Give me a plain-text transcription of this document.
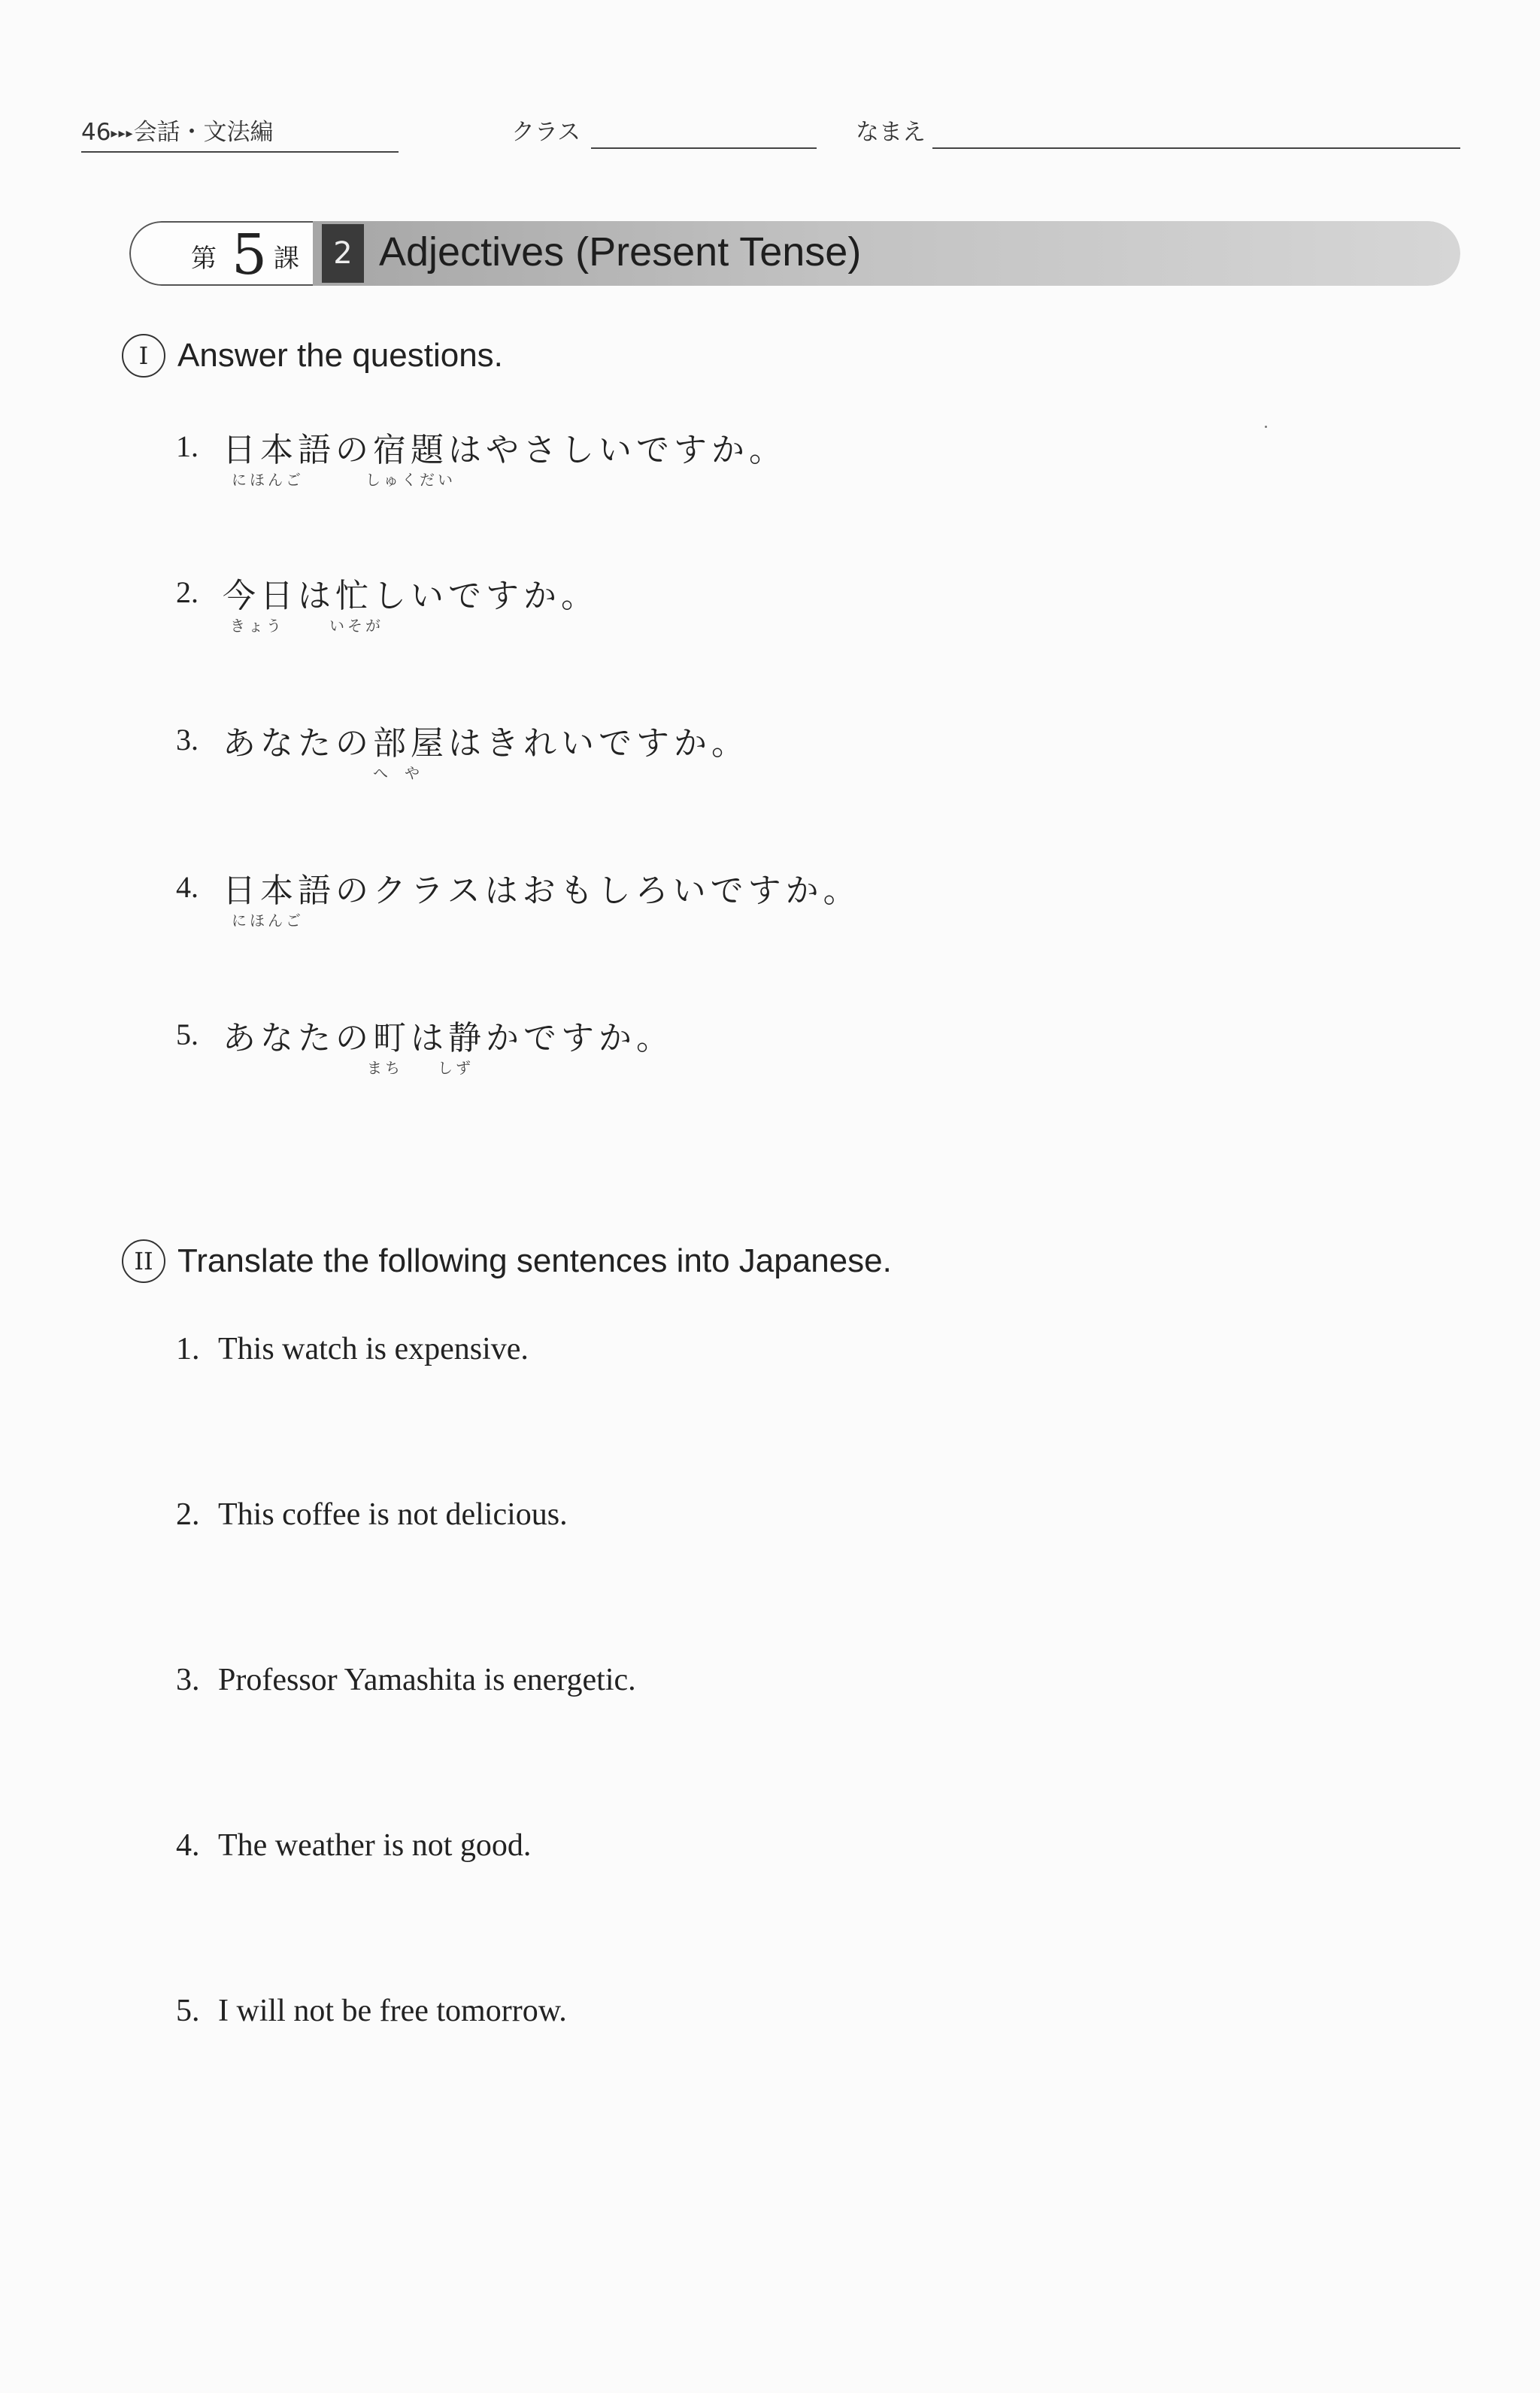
46▸▸▸会話・文法編	クラス	なまえ
第 5 課	2 Adjectives (Present Tense)
I Answer the questions.
1. 日本語の宿題はやさしいですか。
にほんご	しゅくだい
2. 今日は忙しいですか。
きょう	いそが
3. あなたの部屋はきれいですか。
へや
4. 日本語のクラスはおもしろいですか。
にほんご
5. あなたの町は静かですか。
まち しず
II Translate the following sentences into Japanese.
1. This watch is expensive.
2. This coffee is not delicious.
3. Professor Yamashita is energetic.
4. The weather is not good.
5. I will not be free tomorrow.
